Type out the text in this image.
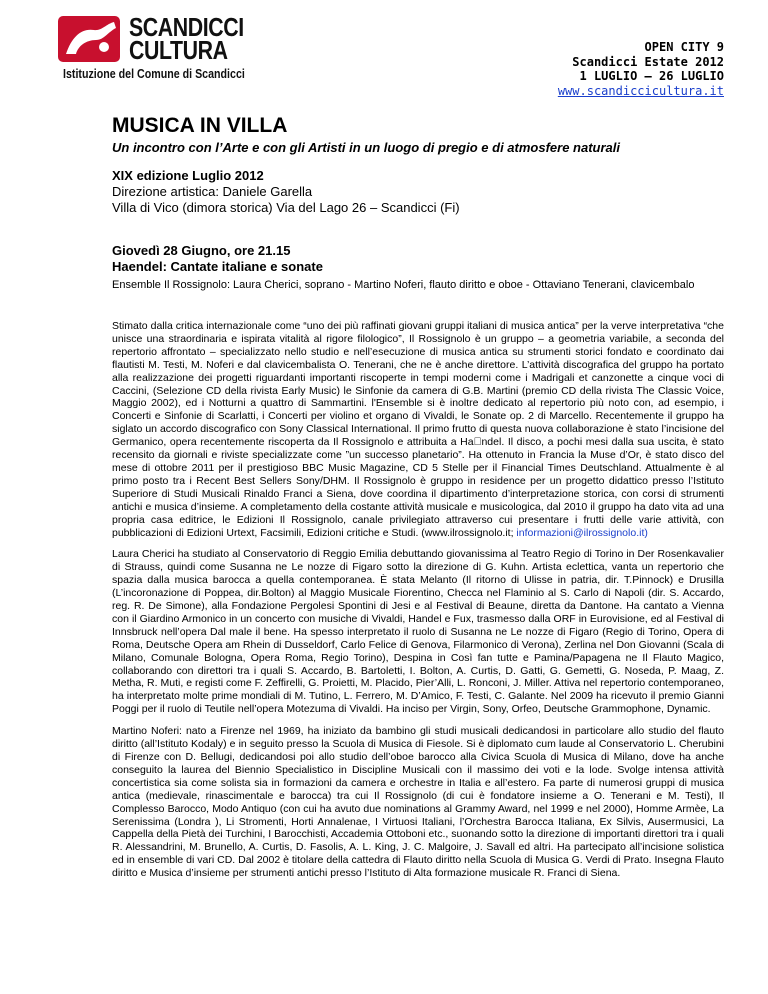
SCANDICCI
CULTURA
Istituzione del Comune di Scandicci
OPEN CITY 9
Scandicci Estate 2012
1 LUGLIO – 26 LUGLIO
www.scandiccicultura.it
MUSICA IN VILLA
Un incontro con l’Arte e con gli Artisti in un luogo di pregio e di atmosfere naturali
XIX edizione Luglio 2012
Direzione artistica: Daniele Garella
Villa di Vico (dimora storica) Via del Lago 26 – Scandicci (Fi)
Giovedì 28 Giugno, ore 21.15
Haendel: Cantate italiane e sonate
Ensemble Il Rossignolo: Laura Cherici, soprano - Martino Noferi, flauto diritto e oboe - Ottaviano Tenerani, clavicembalo

Stimato dalla critica internazionale come “uno dei più raffinati giovani gruppi italiani di musica antica” per la verve interpretativa “che unisce una straordinaria e ispirata vitalità al rigore filologico”, Il Rossignolo è un gruppo – a geometria variabile, a seconda del repertorio affrontato – specializzato nello studio e nell’esecuzione di musica antica su strumenti storici fondato e coordinato dai flautisti M. Testi, M. Noferi e dal clavicembalista O. Tenerani, che ne è anche direttore. L’attività discografica del gruppo ha portato alla realizzazione dei progetti riguardanti importanti riscoperte in tempi moderni come i Madrigali et canzonette a cinque voci di Caccini, (Selezione CD della rivista Early Music) le Sinfonie da camera di G.B. Martini (premio CD della rivista The Classic Voice, Maggio 2002), ed i Notturni a quattro di Sammartini. l'Ensemble si è inoltre dedicato al repertorio più noto con, ad esempio, i Concerti e Sinfonie di Scarlatti, i Concerti per violino et organo di Vivaldi, le Sonate op. 2 di Marcello. Recentemente il gruppo ha siglato un accordo discografico con Sony Classical International. Il primo frutto di questa nuova collaborazione è stato l’incisione del Germanico, opera recentemente riscoperta da Il Rossignolo e attribuita a Ha ndel. Il disco, a pochi mesi dalla sua uscita, è stato recensito da giornali e riviste specializzate come ”un successo planetario”. Ha ottenuto in Francia la Muse d’Or, è stato disco del mese di ottobre 2011 per il prestigioso BBC Music Magazine, CD 5 Stelle per il Financial Times Deutschland. Attualmente è al primo posto tra i Recent Best Sellers Sony/DHM. Il Rossignolo è gruppo in residence per un progetto didattico presso l’Istituto Superiore di Studi Musicali Rinaldo Franci a Siena, dove coordina il dipartimento d’interpretazione storica, con corsi di strumenti antichi e musica d’insieme. A completamento della costante attività musicale e musicologica, dal 2010 il gruppo ha dato vita ad una propria casa editrice, le Edizioni Il Rossignolo, canale privilegiato attraverso cui presentare i frutti delle varie attività, con pubblicazioni di Edizioni Urtext, Facsimili, Edizioni critiche e Studi. (www.ilrossignolo.it; informazioni@ilrossignolo.it)

Laura Cherici ha studiato al Conservatorio di Reggio Emilia debuttando giovanissima al Teatro Regio di Torino in Der Rosenkavalier di Strauss, quindi come Susanna ne Le nozze di Figaro sotto la direzione di G. Kuhn. Artista eclettica, vanta un repertorio che spazia dalla musica barocca a quella contemporanea. È stata Melanto (Il ritorno di Ulisse in patria, dir. T.Pinnock) e Drusilla (L’incoronazione di Poppea, dir.Bolton) al Maggio Musicale Fiorentino, Checca nel Flaminio al S. Carlo di Napoli (dir. S. Accardo, reg. R. De Simone), alla Fondazione Pergolesi Spontini di Jesi e al Festival di Beaune, diretta da Dantone. Ha cantato a Vienna con il Giardino Armonico in un concerto con musiche di Vivaldi, Handel e Fux, trasmesso dalla ORF in Eurovisione, ed al Festival di Innsbruck nell’opera Dal male il bene. Ha spesso interpretato il ruolo di Susanna ne Le nozze di Figaro (Regio di Torino, Opera di Roma, Deutsche Opera am Rhein di Dusseldorf, Carlo Felice di Genova, Filarmonico di Verona), Zerlina nel Don Giovanni (Scala di Milano, Comunale Bologna, Opera Roma, Regio Torino), Despina in Così fan tutte e Pamina/Papagena ne Il Flauto Magico, collaborando con direttori tra i quali S. Accardo, B. Bartoletti, I. Bolton, A. Curtis, D. Gatti, G. Gemetti, G. Noseda, P. Maag, Z. Metha, R. Muti, e registi come F. Zeffirelli, G. Proietti, M. Placido, Pier’Alli, L. Ronconi, J. Miller. Attiva nel repertorio contemporaneo, ha interpretato molte prime mondiali di M. Tutino, L. Ferrero, M. D’Amico, F. Testi, C. Galante. Nel 2009 ha ricevuto il premio Gianni Poggi per il ruolo di Teutile nell’opera Motezuma di Vivaldi. Ha inciso per Virgin, Sony, Orfeo, Deutsche Grammophone, Dynamic.

Martino Noferi: nato a Firenze nel 1969, ha iniziato da bambino gli studi musicali dedicandosi in particolare allo studio del flauto diritto (all’Istituto Kodaly) e in seguito presso la Scuola di Musica di Fiesole. Si è diplomato cum laude al Conservatorio L. Cherubini di Firenze con D. Bellugi, dedicandosi poi allo studio dell’oboe barocco alla Civica Scuola di Musica di Milano, dove ha anche conseguito la laurea del Biennio Specialistico in Discipline Musicali con il massimo dei voti e la lode. Svolge intensa attività concertistica sia come solista sia in formazioni da camera e orchestre in Italia e all’estero. Fa parte di numerosi gruppi di musica antica (medievale, rinascimentale e barocca) tra cui Il Rossignolo (di cui è fondatore insieme a O. Tenerani e M. Testi), Il Complesso Barocco, Modo Antiquo (con cui ha avuto due nominations al Grammy Award, nel 1999 e nel 2000), Homme Armèe, La Serenissima (Londra ), Li Stromenti, Horti Annalenae, I Virtuosi Italiani, l’Orchestra Barocca Italiana, Ex Silvis, Ausermusici, La Cappella della Pietà dei Turchini, I Barocchisti, Accademia Ottoboni etc., suonando sotto la direzione di importanti direttori tra i quali R. Alessandrini, M. Brunello, A. Curtis, D. Fasolis, A. L. King, J. C. Malgoire, J. Savall ed altri. Ha partecipato all’incisione solistica ed in ensemble di vari CD. Dal 2002 è titolare della cattedra di Flauto diritto nella Scuola di Musica G. Verdi di Prato. Insegna Flauto diritto e Musica d’insieme per strumenti antichi presso l’Istituto di Alta formazione musicale R. Franci di Siena.
